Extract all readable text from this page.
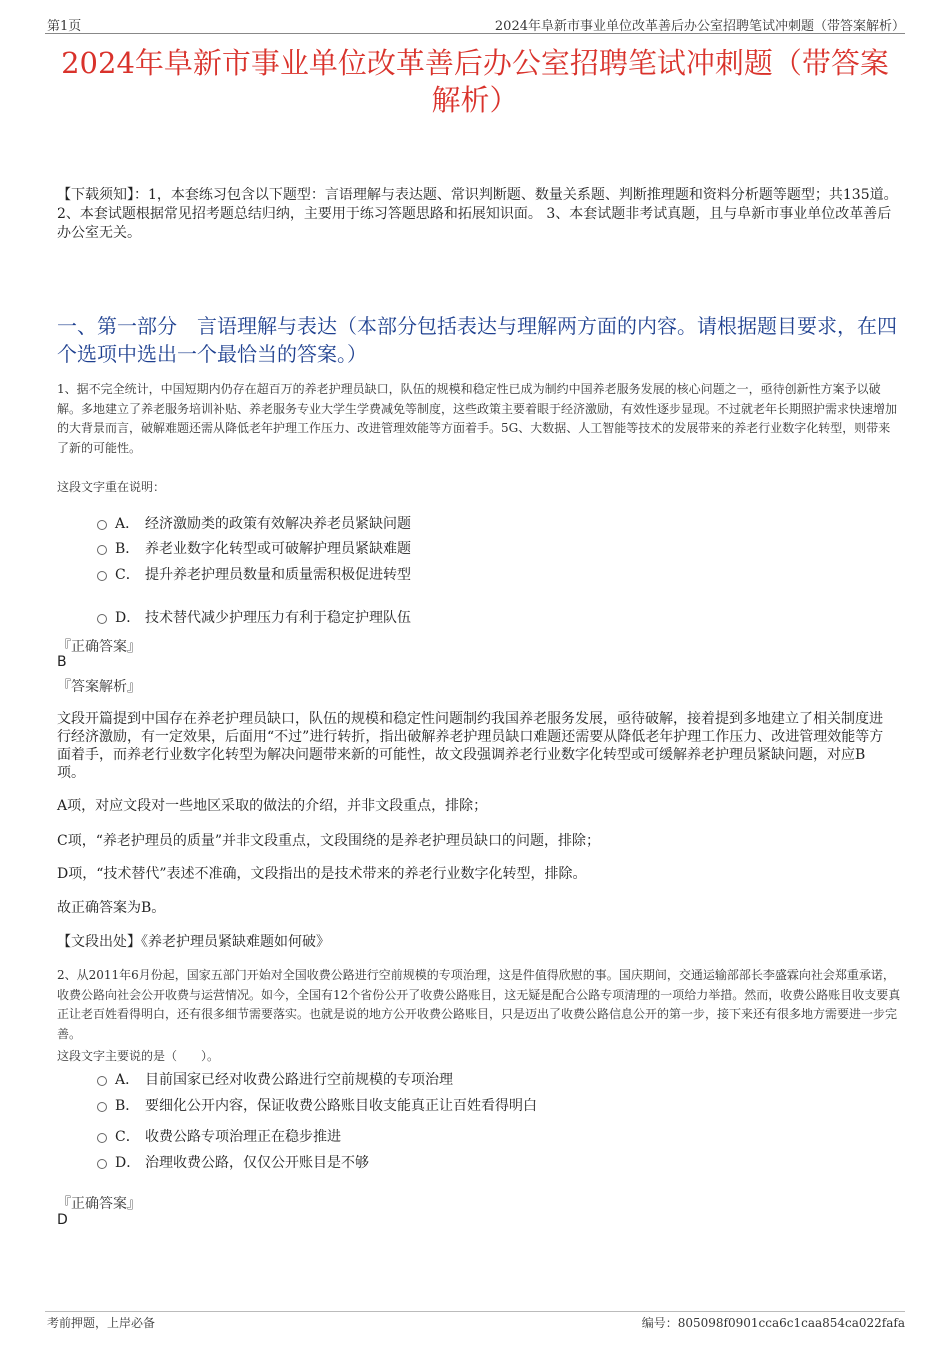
第1页	2024年阜新市事业单位改革善后办公室招聘笔试冲刺题（带答案解析）
2024年阜新市事业单位改革善后办公室招聘笔试冲刺题（带答案解析）
【下载须知】：1，本套练习包含以下题型：言语理解与表达题、常识判断题、数量关系题、判断推理题和资料分析题等题型；共135道。 2、本套试题根据常见招考题总结归纳，主要用于练习答题思路和拓展知识面。 3、本套试题非考试真题，且与阜新市事业单位改革善后办公室无关。
一、第一部分　言语理解与表达（本部分包括表达与理解两方面的内容。请根据题目要求，在四个选项中选出一个最恰当的答案。）
1、据不完全统计，中国短期内仍存在超百万的养老护理员缺口，队伍的规模和稳定性已成为制约中国养老服务发展的核心问题之一，亟待创新性方案予以破解。多地建立了养老服务培训补贴、养老服务专业大学生学费减免等制度，这些政策主要着眼于经济激励，有效性逐步显现。不过就老年长期照护需求快速增加的大背景而言，破解难题还需从降低老年护理工作压力、改进管理效能等方面着手。5G、大数据、人工智能等技术的发展带来的养老行业数字化转型，则带来了新的可能性。
这段文字重在说明：
A． 经济激励类的政策有效解决养老员紧缺问题
B． 养老业数字化转型或可破解护理员紧缺难题
C． 提升养老护理员数量和质量需积极促进转型
D． 技术替代减少护理压力有利于稳定护理队伍
『正确答案』
B
『答案解析』
文段开篇提到中国存在养老护理员缺口，队伍的规模和稳定性问题制约我国养老服务发展，亟待破解，接着提到多地建立了相关制度进行经济激励，有一定效果，后面用“不过”进行转折，指出破解养老护理员缺口难题还需要从降低老年护理工作压力、改进管理效能等方面着手，而养老行业数字化转型为解决问题带来新的可能性，故文段强调养老行业数字化转型或可缓解养老护理员紧缺问题，对应B项。
A项，对应文段对一些地区采取的做法的介绍，并非文段重点，排除；
C项，“养老护理员的质量”并非文段重点，文段围绕的是养老护理员缺口的问题，排除；
D项，“技术替代”表述不准确，文段指出的是技术带来的养老行业数字化转型，排除。
故正确答案为B。
【文段出处】《养老护理员紧缺难题如何破》
2、从2011年6月份起，国家五部门开始对全国收费公路进行空前规模的专项治理，这是件值得欣慰的事。国庆期间，交通运输部部长李盛霖向社会郑重承诺，收费公路向社会公开收费与运营情况。如今，全国有12个省份公开了收费公路账目，这无疑是配合公路专项清理的一项给力举措。然而，收费公路账目收支要真正让老百姓看得明白，还有很多细节需要落实。也就是说的地方公开收费公路账目，只是迈出了收费公路信息公开的第一步，接下来还有很多地方需要进一步完善。
这段文字主要说的是（　　）。
A． 目前国家已经对收费公路进行空前规模的专项治理
B． 要细化公开内容，保证收费公路账目收支能真正让百姓看得明白
C． 收费公路专项治理正在稳步推进
D． 治理收费公路，仅仅公开账目是不够
『正确答案』
D
考前押题，上岸必备	编号：805098f0901cca6c1caa854ca022fafa
